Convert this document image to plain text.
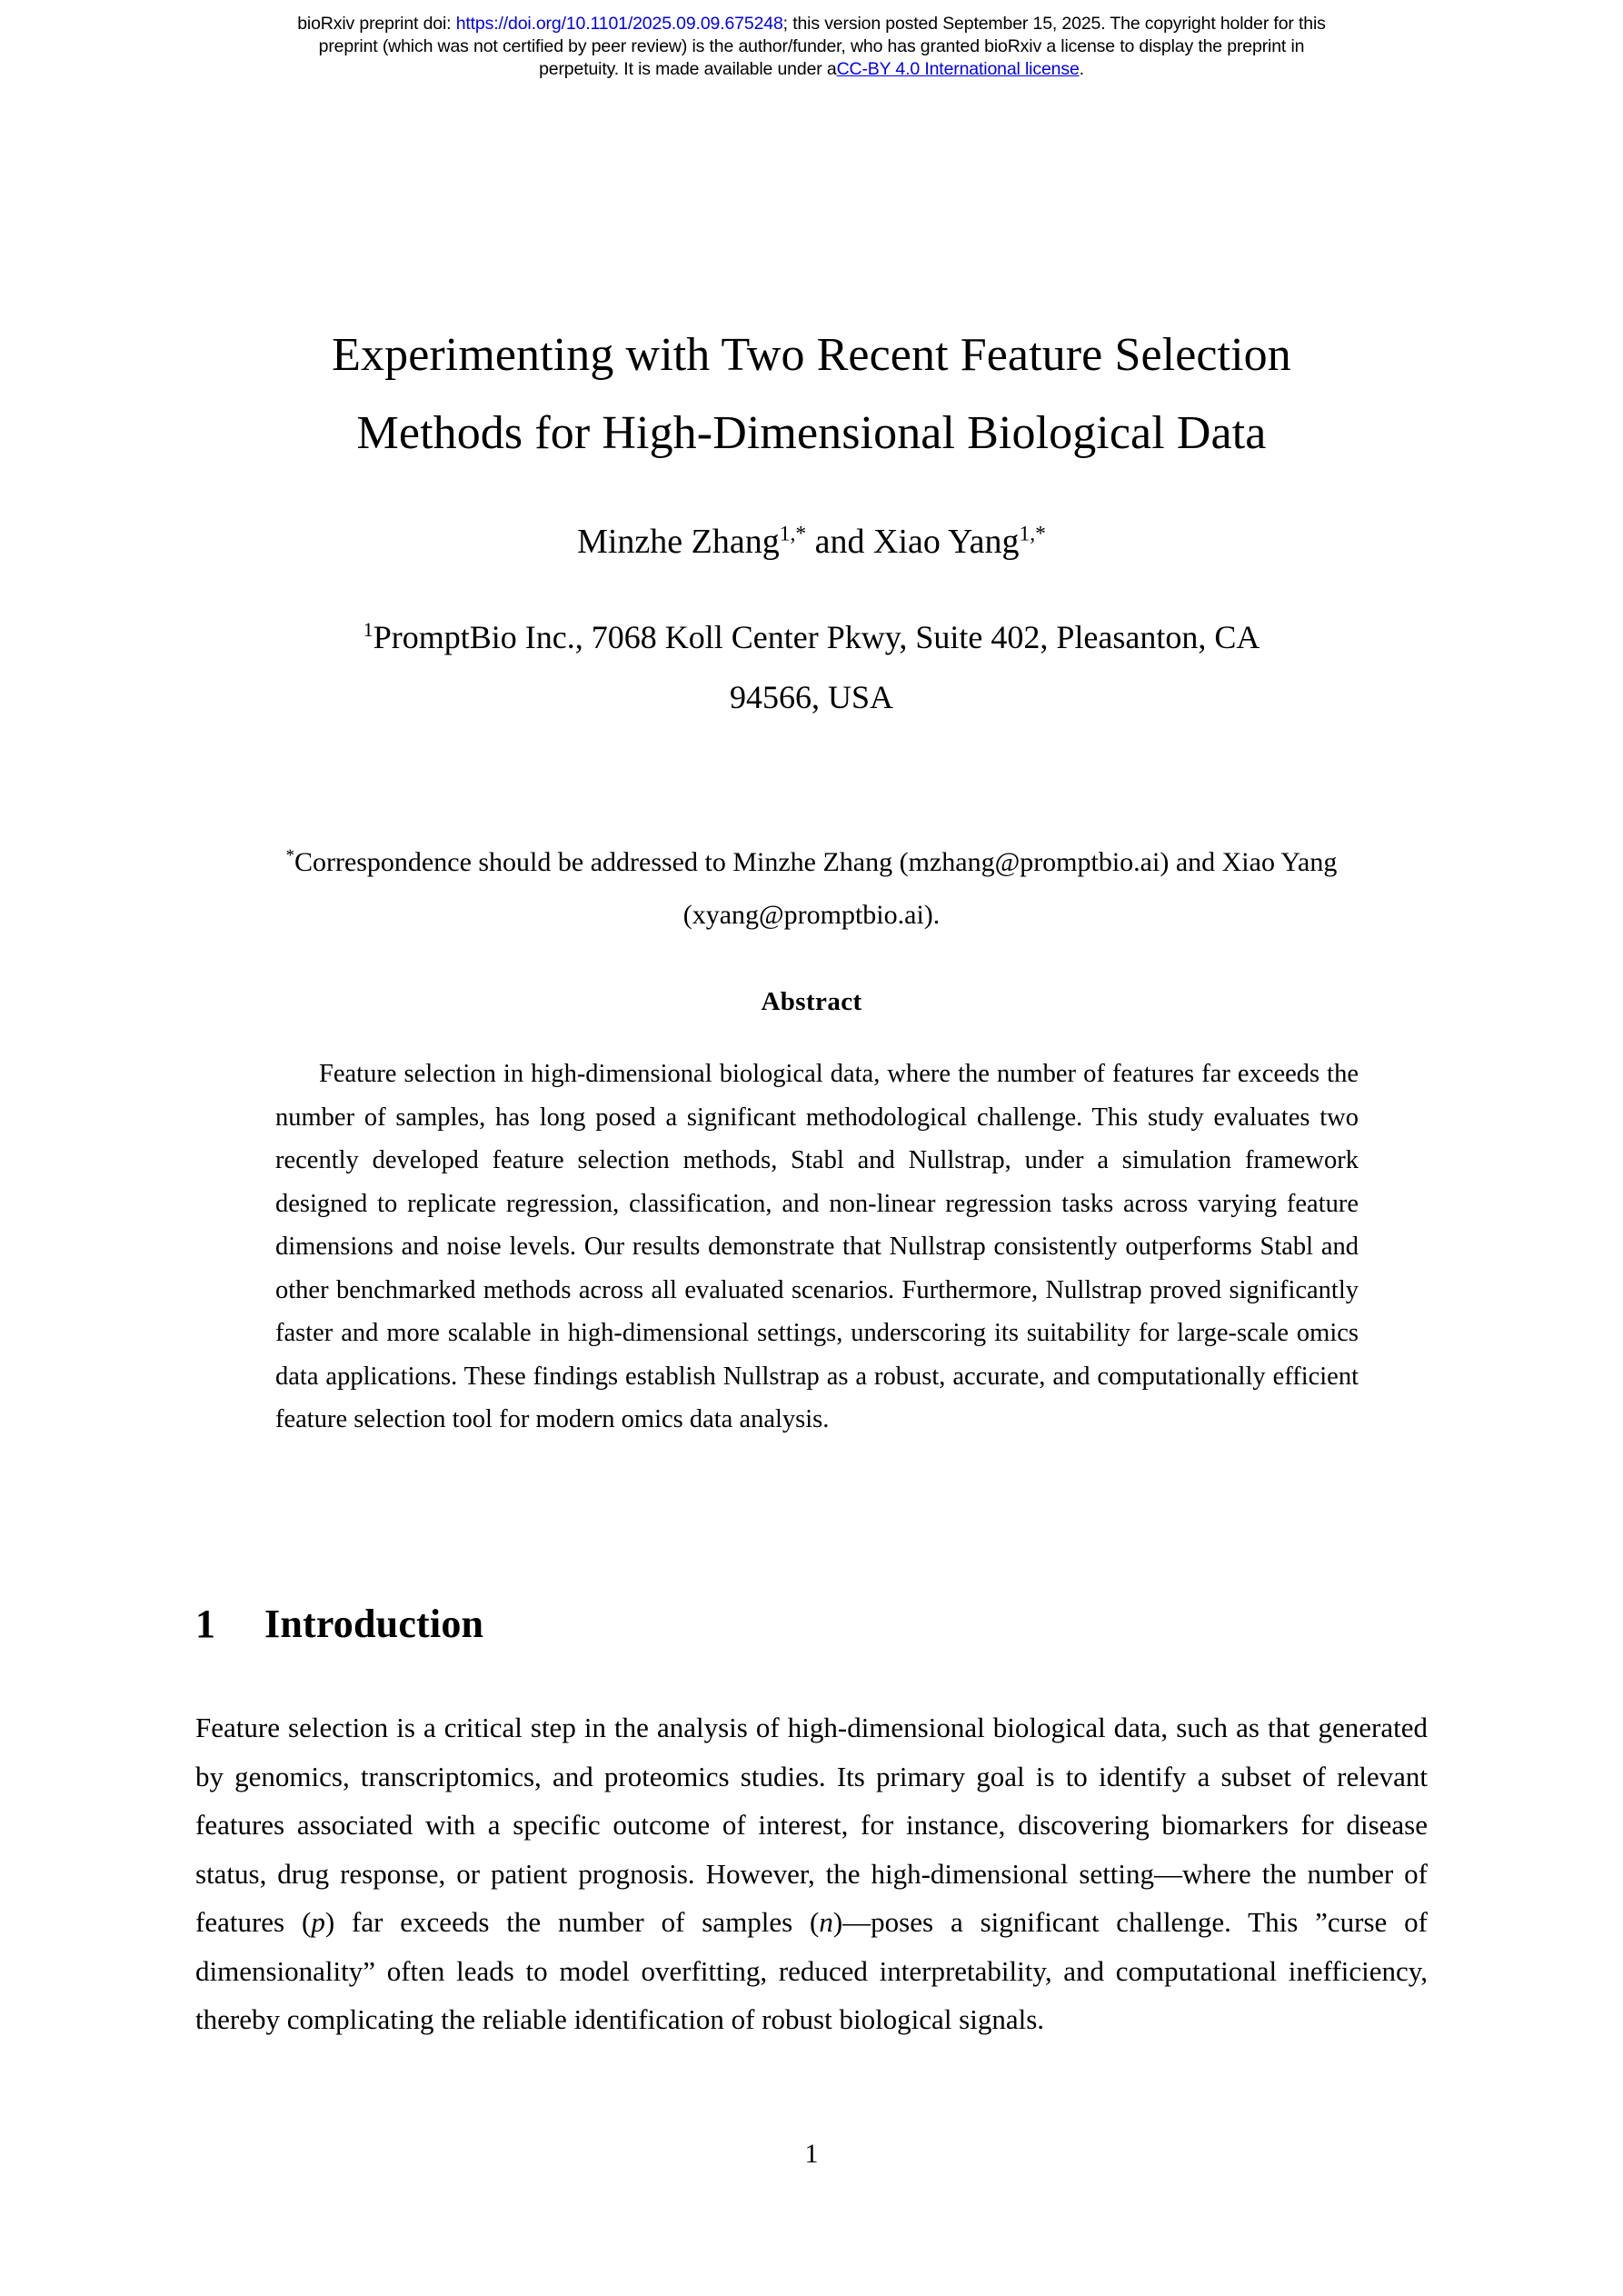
bioRxiv preprint doi: https://doi.org/10.1101/2025.09.09.675248; this version posted September 15, 2025. The copyright holder for this
preprint (which was not certified by peer review) is the author/funder, who has granted bioRxiv a license to display the preprint in
perpetuity. It is made available under aCC-BY 4.0 International license.
Experimenting with Two Recent Feature Selection
Methods for High-Dimensional Biological Data
Minzhe Zhang$^{1,*}$ and Xiao Yang$^{1,*}$
$^1$PromptBio Inc., 7068 Koll Center Pkwy, Suite 402, Pleasanton, CA
94566, USA
*Correspondence should be addressed to Minzhe Zhang (mzhang@promptbio.ai) and Xiao Yang (xyang@promptbio.ai).
Abstract
Feature selection in high-dimensional biological data, where the number of features far exceeds the number of samples, has long posed a significant methodological challenge. This study evaluates two recently developed feature selection methods, Stabl and Nullstrap, under a simulation framework designed to replicate regression, classification, and non-linear regression tasks across varying feature dimensions and noise levels. Our results demonstrate that Nullstrap consistently outperforms Stabl and other benchmarked methods across all evaluated scenarios. Furthermore, Nullstrap proved significantly faster and more scalable in high-dimensional settings, underscoring its suitability for large-scale omics data applications. These findings establish Nullstrap as a robust, accurate, and computationally efficient feature selection tool for modern omics data analysis.
1 Introduction
Feature selection is a critical step in the analysis of high-dimensional biological data, such as that generated by genomics, transcriptomics, and proteomics studies. Its primary goal is to identify a subset of relevant features associated with a specific outcome of interest, for instance, discovering biomarkers for disease status, drug response, or patient prognosis. However, the high-dimensional setting—where the number of features (p) far exceeds the number of samples (n)—poses a significant challenge. This ”curse of dimensionality” often leads to model overfitting, reduced interpretability, and computational inefficiency, thereby complicating the reliable identification of robust biological signals.
1
